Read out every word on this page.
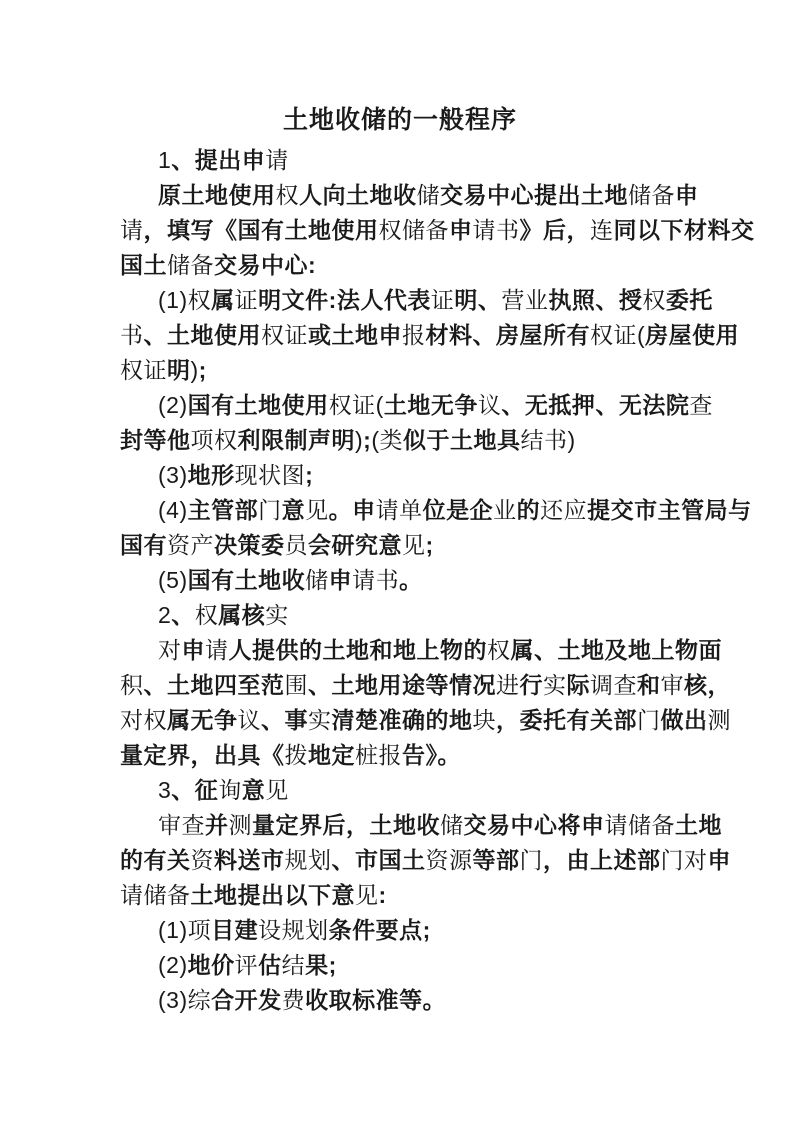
土地收储的一般程序
1、提出申请
原土地使用权人向土地收储交易中心提出土地储备申
请，填写《国有土地使用权储备申请书》后，连同以下材料交
国土储备交易中心:
(1)权属证明文件:法人代表证明、营业执照、授权委托
书、土地使用权证或土地申报材料、房屋所有权证(房屋使用
权证明);
(2)国有土地使用权证(土地无争议、无抵押、无法院查
封等他项权利限制声明);(类似于土地具结书)
(3)地形现状图;
(4)主管部门意见。申请单位是企业的还应提交市主管局与
国有资产决策委员会研究意见;
(5)国有土地收储申请书。
2、权属核实
对申请人提供的土地和地上物的权属、土地及地上物面
积、土地四至范围、土地用途等情况进行实际调查和审核，
对权属无争议、事实清楚准确的地块，委托有关部门做出测
量定界，出具《拨地定桩报告》。
3、征询意见
审查并测量定界后，土地收储交易中心将申请储备土地
的有关资料送市规划、市国土资源等部门，由上述部门对申
请储备土地提出以下意见:
(1)项目建设规划条件要点;
(2)地价评估结果;
(3)综合开发费收取标准等。
